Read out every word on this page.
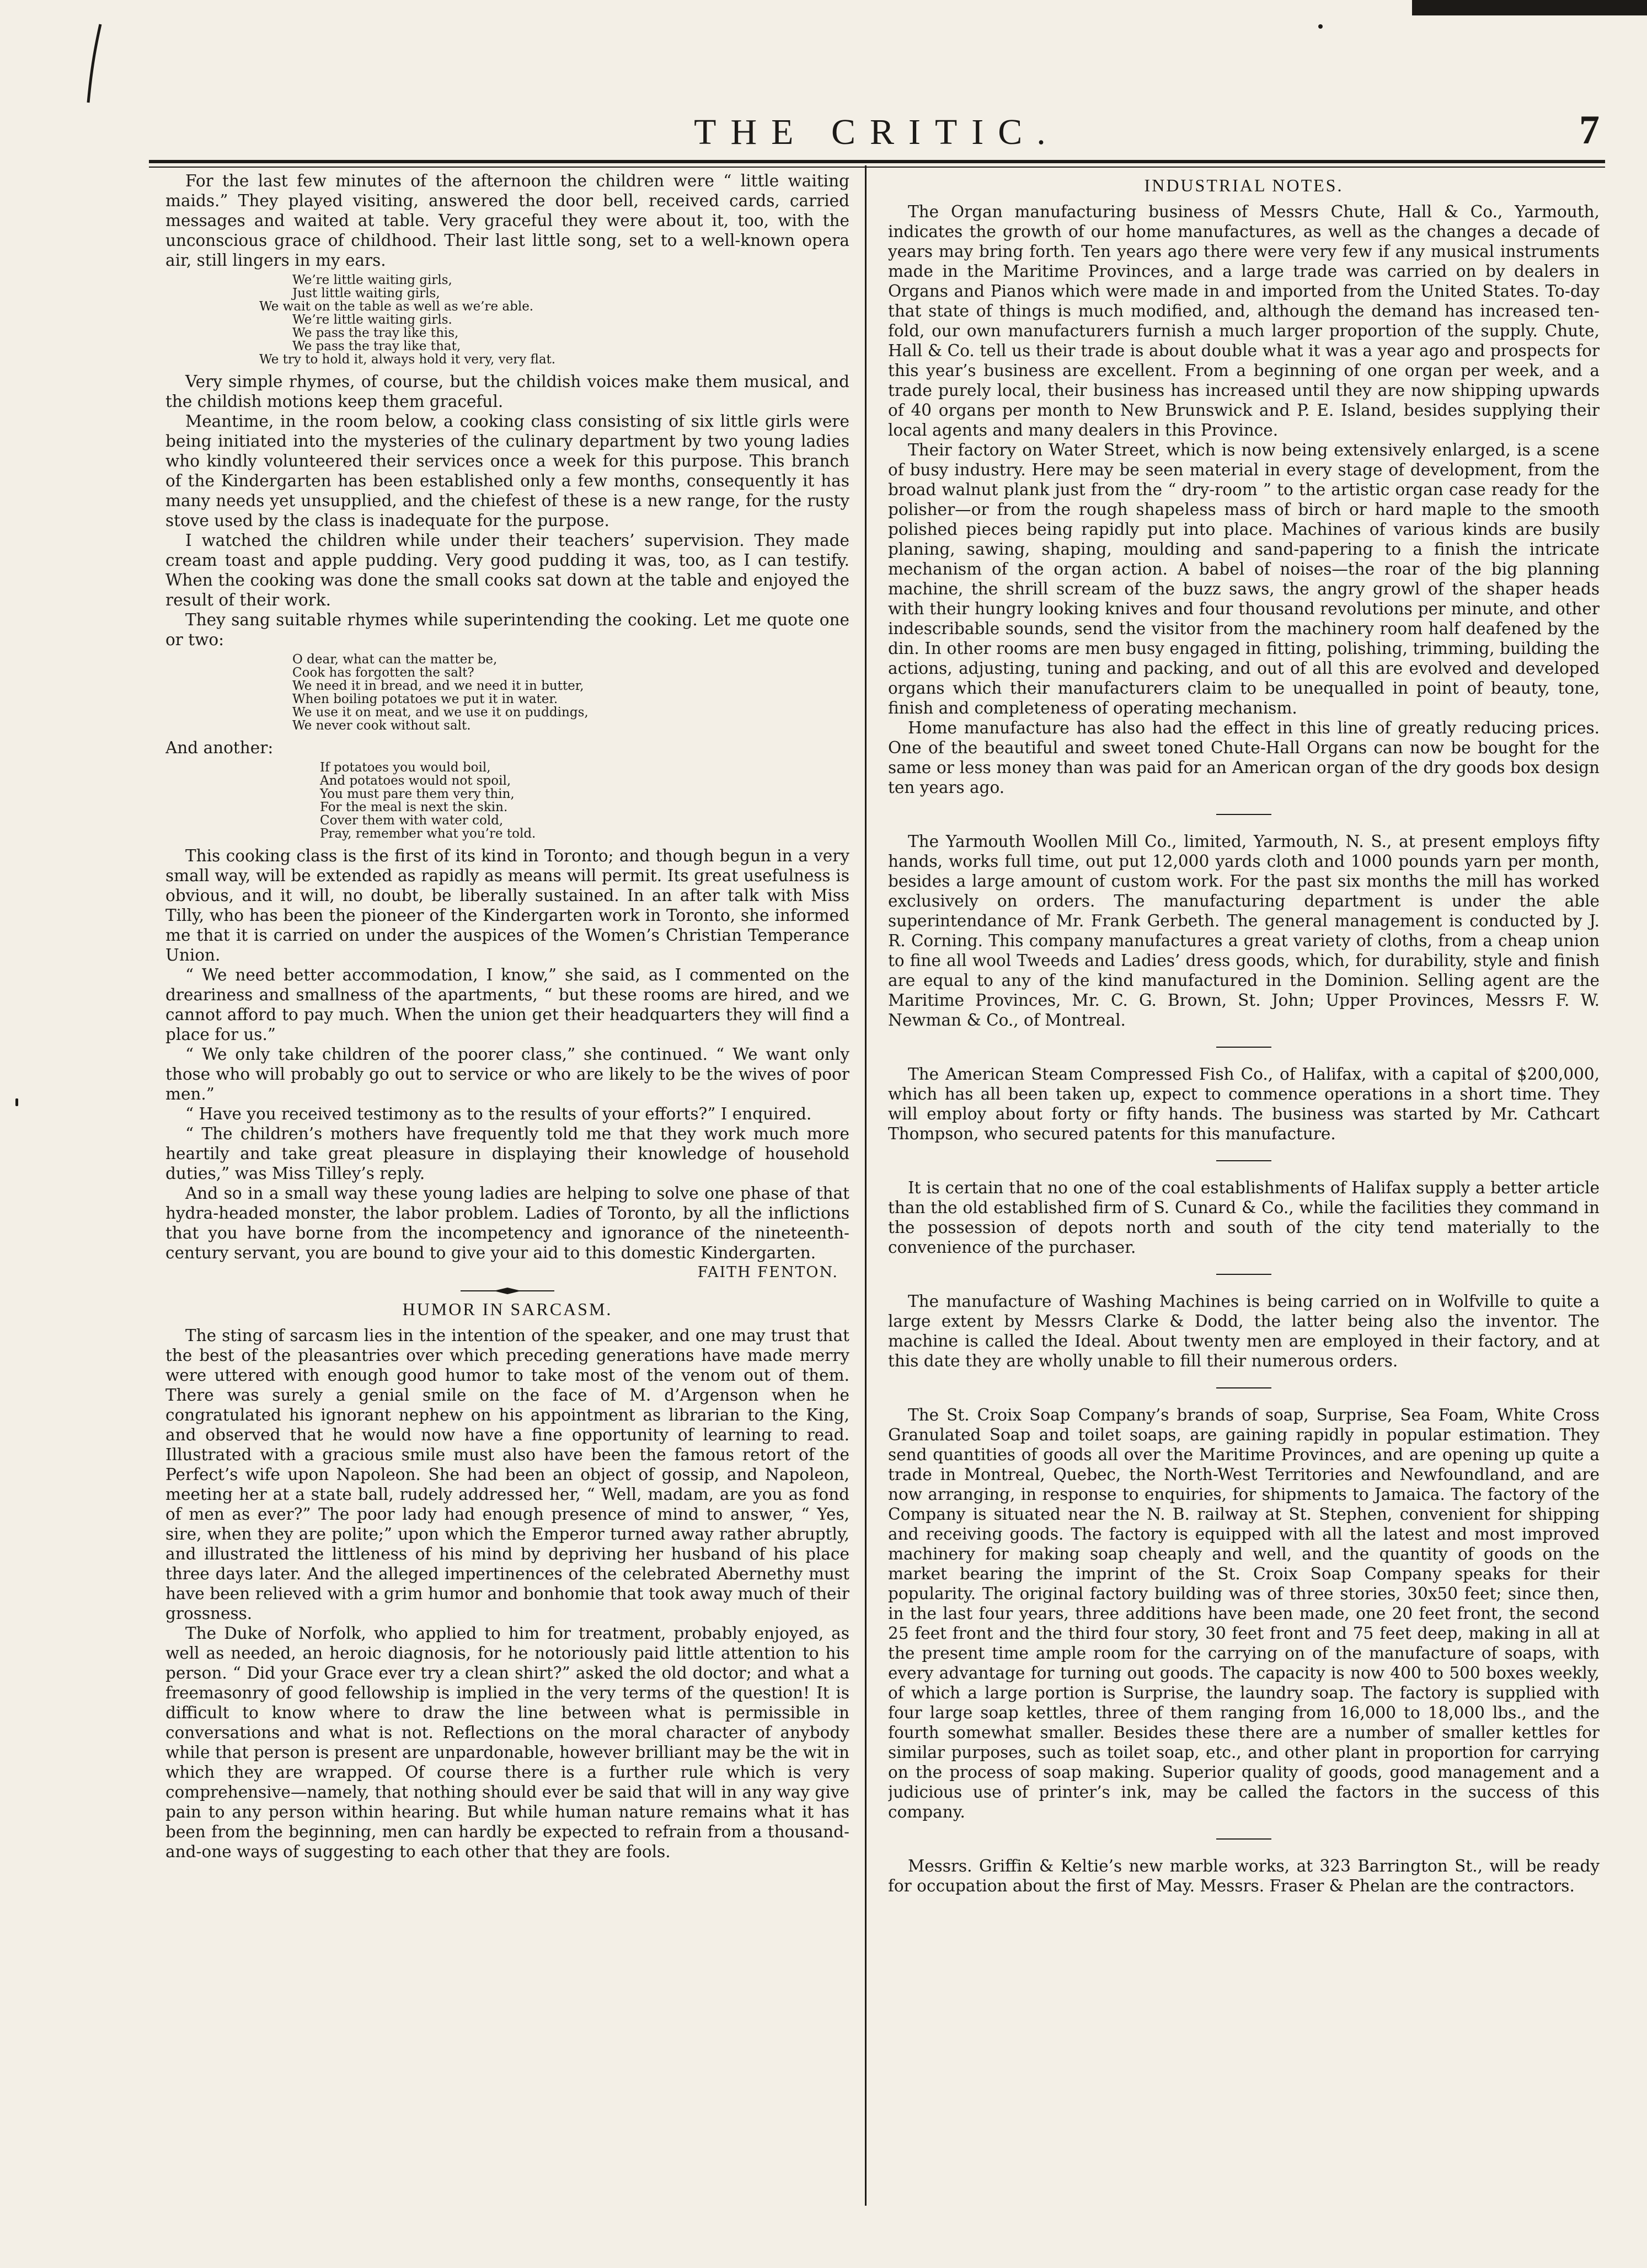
THE CRITIC.	7

For the last few minutes of the afternoon the children were “ little waiting maids.” They played visiting, answered the door bell, received cards, carried messages and waited at table. Very graceful they were about it, too, with the unconscious grace of childhood. Their last little song, set to a well-known opera air, still lingers in my ears.

We’re little waiting girls,
Just little waiting girls,
We wait on the table as well as we’re able.
We’re little waiting girls.
We pass the tray like this,
We pass the tray like that,
We try to hold it, always hold it very, very flat.

Very simple rhymes, of course, but the childish voices make them musical, and the childish motions keep them graceful.

Meantime, in the room below, a cooking class consisting of six little girls were being initiated into the mysteries of the culinary department by two young ladies who kindly volunteered their services once a week for this purpose. This branch of the Kindergarten has been established only a few months, consequently it has many needs yet unsupplied, and the chiefest of these is a new range, for the rusty stove used by the class is inadequate for the purpose.

I watched the children while under their teachers’ supervision. They made cream toast and apple pudding. Very good pudding it was, too, as I can testify. When the cooking was done the small cooks sat down at the table and enjoyed the result of their work.

They sang suitable rhymes while superintending the cooking. Let me quote one or two:

O dear, what can the matter be,
Cook has forgotten the salt?
We need it in bread, and we need it in butter,
When boiling potatoes we put it in water.
We use it on meat, and we use it on puddings,
We never cook without salt.

And another:

If potatoes you would boil,
And potatoes would not spoil,
You must pare them very thin,
For the meal is next the skin.
Cover them with water cold,
Pray, remember what you’re told.

This cooking class is the first of its kind in Toronto; and though begun in a very small way, will be extended as rapidly as means will permit. Its great usefulness is obvious, and it will, no doubt, be liberally sustained. In an after talk with Miss Tilly, who has been the pioneer of the Kindergarten work in Toronto, she informed me that it is carried on under the auspices of the Women’s Christian Temperance Union.

“ We need better accommodation, I know,” she said, as I commented on the dreariness and smallness of the apartments, “ but these rooms are hired, and we cannot afford to pay much. When the union get their headquarters they will find a place for us.”

“ We only take children of the poorer class,” she continued. “ We want only those who will probably go out to service or who are likely to be the wives of poor men.”

“ Have you received testimony as to the results of your efforts?” I enquired.

“ The children’s mothers have frequently told me that they work much more heartily and take great pleasure in displaying their knowledge of household duties,” was Miss Tilley’s reply.

And so in a small way these young ladies are helping to solve one phase of that hydra-headed monster, the labor problem. Ladies of Toronto, by all the inflictions that you have borne from the incompetency and ignorance of the nineteenth-century servant, you are bound to give your aid to this domestic Kindergarten.

FAITH FENTON.

HUMOR IN SARCASM.

The sting of sarcasm lies in the intention of the speaker, and one may trust that the best of the pleasantries over which preceding generations have made merry were uttered with enough good humor to take most of the venom out of them. There was surely a genial smile on the face of M. d’Argenson when he congratulated his ignorant nephew on his appointment as librarian to the King, and observed that he would now have a fine opportunity of learning to read. Illustrated with a gracious smile must also have been the famous retort of the Perfect’s wife upon Napoleon. She had been an object of gossip, and Napoleon, meeting her at a state ball, rudely addressed her, “ Well, madam, are you as fond of men as ever?” The poor lady had enough presence of mind to answer, “ Yes, sire, when they are polite;” upon which the Emperor turned away rather abruptly, and illustrated the littleness of his mind by depriving her husband of his place three days later. And the alleged impertinences of the celebrated Abernethy must have been relieved with a grim humor and bonhomie that took away much of their grossness.

The Duke of Norfolk, who applied to him for treatment, probably enjoyed, as well as needed, an heroic diagnosis, for he notoriously paid little attention to his person. “ Did your Grace ever try a clean shirt?” asked the old doctor; and what a freemasonry of good fellowship is implied in the very terms of the question! It is difficult to know where to draw the line between what is permissible in conversations and what is not. Reflections on the moral character of anybody while that person is present are unpardonable, however brilliant may be the wit in which they are wrapped. Of course there is a further rule which is very comprehensive—namely, that nothing should ever be said that will in any way give pain to any person within hearing. But while human nature remains what it has been from the beginning, men can hardly be expected to refrain from a thousand-and-one ways of suggesting to each other that they are fools.

INDUSTRIAL NOTES.

The Organ manufacturing business of Messrs Chute, Hall & Co., Yarmouth, indicates the growth of our home manufactures, as well as the changes a decade of years may bring forth. Ten years ago there were very few if any musical instruments made in the Maritime Provinces, and a large trade was carried on by dealers in Organs and Pianos which were made in and imported from the United States. To-day that state of things is much modified, and, although the demand has increased ten-fold, our own manufacturers furnish a much larger proportion of the supply. Chute, Hall & Co. tell us their trade is about double what it was a year ago and prospects for this year’s business are excellent. From a beginning of one organ per week, and a trade purely local, their business has increased until they are now shipping upwards of 40 organs per month to New Brunswick and P. E. Island, besides supplying their local agents and many dealers in this Province.

Their factory on Water Street, which is now being extensively enlarged, is a scene of busy industry. Here may be seen material in every stage of development, from the broad walnut plank just from the “ dry-room ” to the artistic organ case ready for the polisher—or from the rough shapeless mass of birch or hard maple to the smooth polished pieces being rapidly put into place. Machines of various kinds are busily planing, sawing, shaping, moulding and sand-papering to a finish the intricate mechanism of the organ action. A babel of noises—the roar of the big planning machine, the shrill scream of the buzz saws, the angry growl of the shaper heads with their hungry looking knives and four thousand revolutions per minute, and other indescribable sounds, send the visitor from the machinery room half deafened by the din. In other rooms are men busy engaged in fitting, polishing, trimming, building the actions, adjusting, tuning and packing, and out of all this are evolved and developed organs which their manufacturers claim to be unequalled in point of beauty, tone, finish and completeness of operating mechanism.

Home manufacture has also had the effect in this line of greatly reducing prices. One of the beautiful and sweet toned Chute-Hall Organs can now be bought for the same or less money than was paid for an American organ of the dry goods box design ten years ago.

The Yarmouth Woollen Mill Co., limited, Yarmouth, N. S., at present employs fifty hands, works full time, out put 12,000 yards cloth and 1000 pounds yarn per month, besides a large amount of custom work. For the past six months the mill has worked exclusively on orders. The manufacturing department is under the able superintendance of Mr. Frank Gerbeth. The general management is conducted by J. R. Corning. This company manufactures a great variety of cloths, from a cheap union to fine all wool Tweeds and Ladies’ dress goods, which, for durability, style and finish are equal to any of the kind manufactured in the Dominion. Selling agent are the Maritime Provinces, Mr. C. G. Brown, St. John; Upper Provinces, Messrs F. W. Newman & Co., of Montreal.

The American Steam Compressed Fish Co., of Halifax, with a capital of $200,000, which has all been taken up, expect to commence operations in a short time. They will employ about forty or fifty hands. The business was started by Mr. Cathcart Thompson, who secured patents for this manufacture.

It is certain that no one of the coal establishments of Halifax supply a better article than the old established firm of S. Cunard & Co., while the facilities they command in the possession of depots north and south of the city tend materially to the convenience of the purchaser.

The manufacture of Washing Machines is being carried on in Wolfville to quite a large extent by Messrs Clarke & Dodd, the latter being also the inventor. The machine is called the Ideal. About twenty men are employed in their factory, and at this date they are wholly unable to fill their numerous orders.

The St. Croix Soap Company’s brands of soap, Surprise, Sea Foam, White Cross Granulated Soap and toilet soaps, are gaining rapidly in popular estimation. They send quantities of goods all over the Maritime Provinces, and are opening up quite a trade in Montreal, Quebec, the North-West Territories and Newfoundland, and are now arranging, in response to enquiries, for shipments to Jamaica. The factory of the Company is situated near the N. B. railway at St. Stephen, convenient for shipping and receiving goods. The factory is equipped with all the latest and most improved machinery for making soap cheaply and well, and the quantity of goods on the market bearing the imprint of the St. Croix Soap Company speaks for their popularity. The original factory building was of three stories, 30x50 feet; since then, in the last four years, three additions have been made, one 20 feet front, the second 25 feet front and the third four story, 30 feet front and 75 feet deep, making in all at the present time ample room for the carrying on of the manufacture of soaps, with every advantage for turning out goods. The capacity is now 400 to 500 boxes weekly, of which a large portion is Surprise, the laundry soap. The factory is supplied with four large soap kettles, three of them ranging from 16,000 to 18,000 lbs., and the fourth somewhat smaller. Besides these there are a number of smaller kettles for similar purposes, such as toilet soap, etc., and other plant in proportion for carrying on the process of soap making. Superior quality of goods, good management and a judicious use of printer’s ink, may be called the factors in the success of this company.

Messrs. Griffin & Keltie’s new marble works, at 323 Barrington St., will be ready for occupation about the first of May. Messrs. Fraser & Phelan are the contractors.
